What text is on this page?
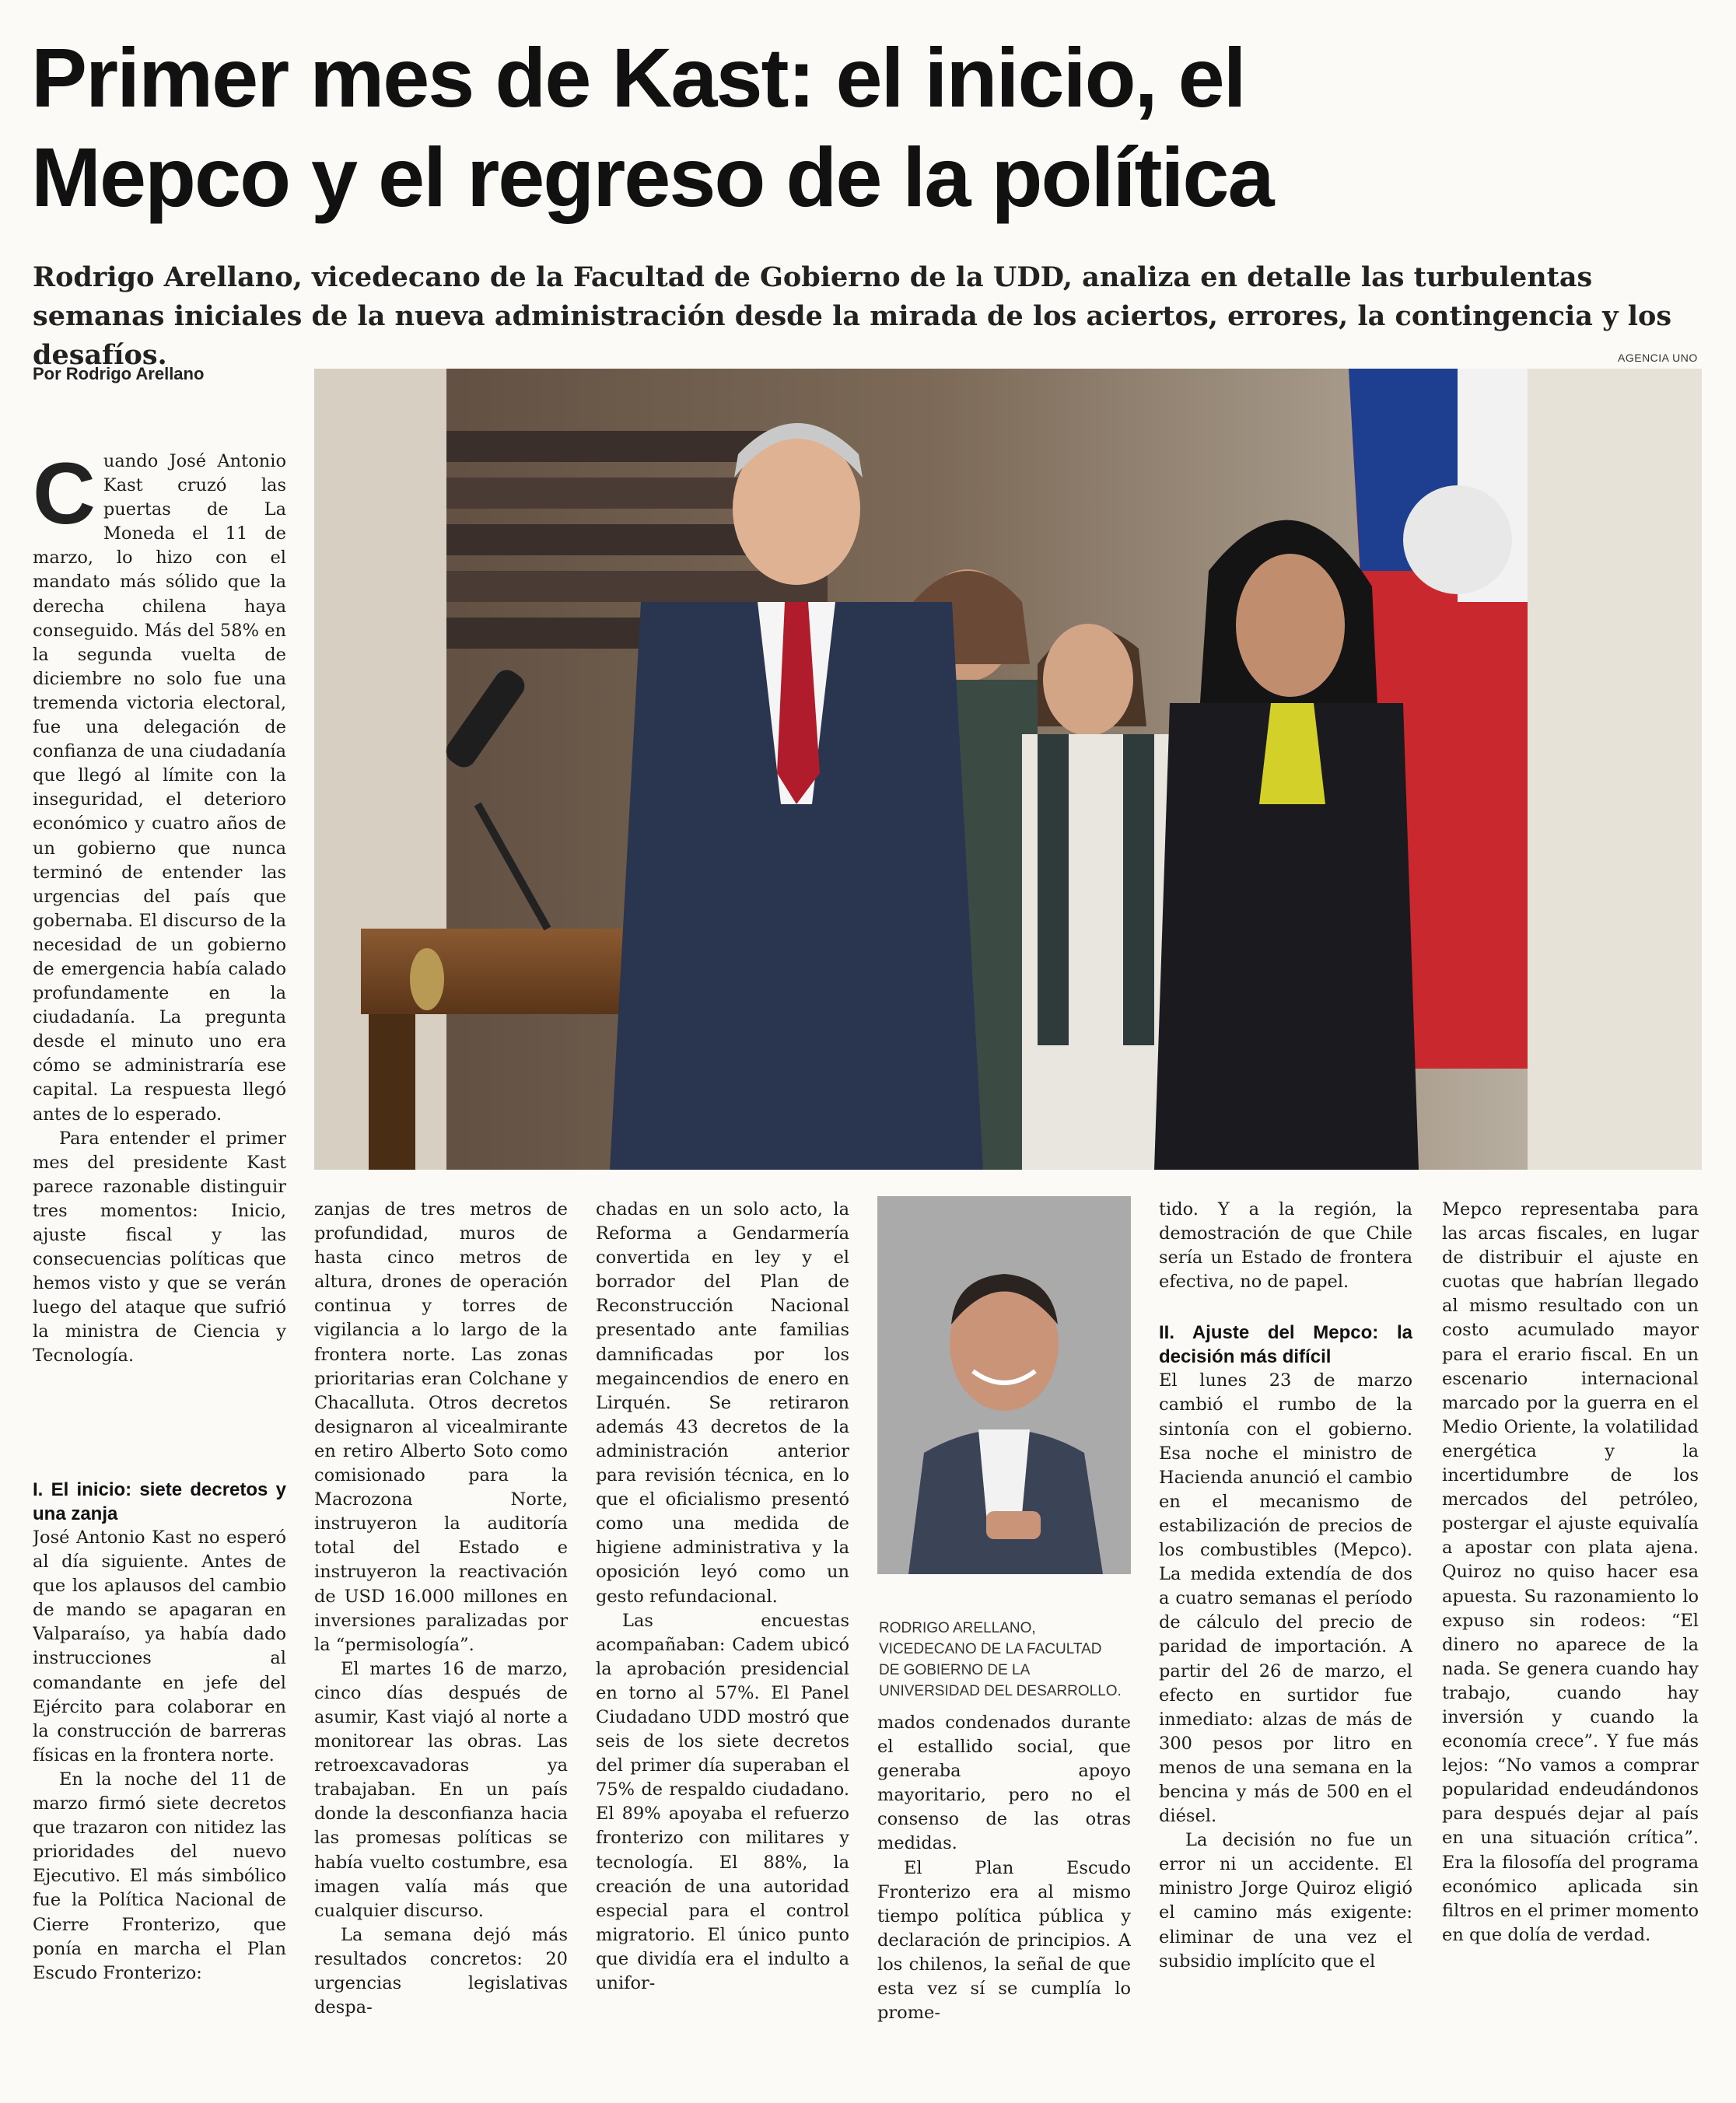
Primer mes de Kast: el inicio, el
Mepco y el regreso de la política
Rodrigo Arellano, vicedecano de la Facultad de Gobierno de la UDD, analiza en detalle las turbulentas semanas iniciales de la nueva administración desde la mirada de los aciertos, errores, la contingencia y los desafíos.
Por Rodrigo Arellano
AGENCIA UNO
C uando José Antonio Kast cruzó las puertas de La Moneda el 11 de marzo, lo hizo con el mandato más sólido que la derecha chilena haya conseguido. Más del 58% en la segunda vuelta de diciembre no solo fue una tremenda victoria electoral, fue una delegación de confianza de una ciudadanía que llegó al límite con la inseguridad, el deterioro económico y cuatro años de un gobierno que nunca terminó de entender las urgencias del país que gobernaba. El discurso de la necesidad de un gobierno de emergencia había calado profundamente en la ciudadanía. La pregunta desde el minuto uno era cómo se administraría ese capital. La respuesta llegó antes de lo esperado.

Para entender el primer mes del presidente Kast parece razonable distinguir tres momentos: Inicio, ajuste fiscal y las consecuencias políticas que hemos visto y que se verán luego del ataque que sufrió la ministra de Ciencia y Tecnología.

I. El inicio: siete decretos y una zanja

José Antonio Kast no esperó al día siguiente. Antes de que los aplausos del cambio de mando se apagaran en Valparaíso, ya había dado instrucciones al comandante en jefe del Ejército para colaborar en la construcción de barreras físicas en la frontera norte.

En la noche del 11 de marzo firmó siete decretos que trazaron con nitidez las prioridades del nuevo Ejecutivo. El más simbólico fue la Política Nacional de Cierre Fronterizo, que ponía en marcha el Plan Escudo Fronterizo:

zanjas de tres metros de profundidad, muros de hasta cinco metros de altura, drones de operación continua y torres de vigilancia a lo largo de la frontera norte. Las zonas prioritarias eran Colchane y Chacalluta. Otros decretos designaron al vicealmirante en retiro Alberto Soto como comisionado para la Macrozona Norte, instruyeron la auditoría total del Estado e instruyeron la reactivación de USD 16.000 millones en inversiones paralizadas por la “permisología”.

El martes 16 de marzo, cinco días después de asumir, Kast viajó al norte a monitorear las obras. Las retroexcavadoras ya trabajaban. En un país donde la desconfianza hacia las promesas políticas se había vuelto costumbre, esa imagen valía más que cualquier discurso.

La semana dejó más resultados concretos: 20 urgencias legislativas despa-

chadas en un solo acto, la Reforma a Gendarmería convertida en ley y el borrador del Plan de Reconstrucción Nacional presentado ante familias damnificadas por los megaincendios de enero en Lirquén. Se retiraron además 43 decretos de la administración anterior para revisión técnica, en lo que el oficialismo presentó como una medida de higiene administrativa y la oposición leyó como un gesto refundacional.

Las encuestas acompañaban: Cadem ubicó la aprobación presidencial en torno al 57%. El Panel Ciudadano UDD mostró que seis de los siete decretos del primer día superaban el 75% de respaldo ciudadano. El 89% apoyaba el refuerzo fronterizo con militares y tecnología. El 88%, la creación de una autoridad especial para el control migratorio. El único punto que dividía era el indulto a unifor-

RODRIGO ARELLANO,
VICEDECANO DE LA FACULTAD
DE GOBIERNO DE LA
UNIVERSIDAD DEL DESARROLLO.

mados condenados durante el estallido social, que generaba apoyo mayoritario, pero no el consenso de las otras medidas.

El Plan Escudo Fronterizo era al mismo tiempo política pública y declaración de principios. A los chilenos, la señal de que esta vez sí se cumplía lo prome-

tido. Y a la región, la demostración de que Chile sería un Estado de frontera efectiva, no de papel.

II. Ajuste del Mepco: la decisión más difícil

El lunes 23 de marzo cambió el rumbo de la sintonía con el gobierno. Esa noche el ministro de Hacienda anunció el cambio en el mecanismo de estabilización de precios de los combustibles (Mepco). La medida extendía de dos a cuatro semanas el período de cálculo del precio de paridad de importación. A partir del 26 de marzo, el efecto en surtidor fue inmediato: alzas de más de 300 pesos por litro en menos de una semana en la bencina y más de 500 en el diésel.

La decisión no fue un error ni un accidente. El ministro Jorge Quiroz eligió el camino más exigente: eliminar de una vez el subsidio implícito que el

Mepco representaba para las arcas fiscales, en lugar de distribuir el ajuste en cuotas que habrían llegado al mismo resultado con un costo acumulado mayor para el erario fiscal. En un escenario internacional marcado por la guerra en el Medio Oriente, la volatilidad energética y la incertidumbre de los mercados del petróleo, postergar el ajuste equivalía a apostar con plata ajena. Quiroz no quiso hacer esa apuesta. Su razonamiento lo expuso sin rodeos: “El dinero no aparece de la nada. Se genera cuando hay trabajo, cuando hay inversión y cuando la economía crece”. Y fue más lejos: “No vamos a comprar popularidad endeudándonos para después dejar al país en una situación crítica”. Era la filosofía del programa económico aplicada sin filtros en el primer momento en que dolía de verdad.
